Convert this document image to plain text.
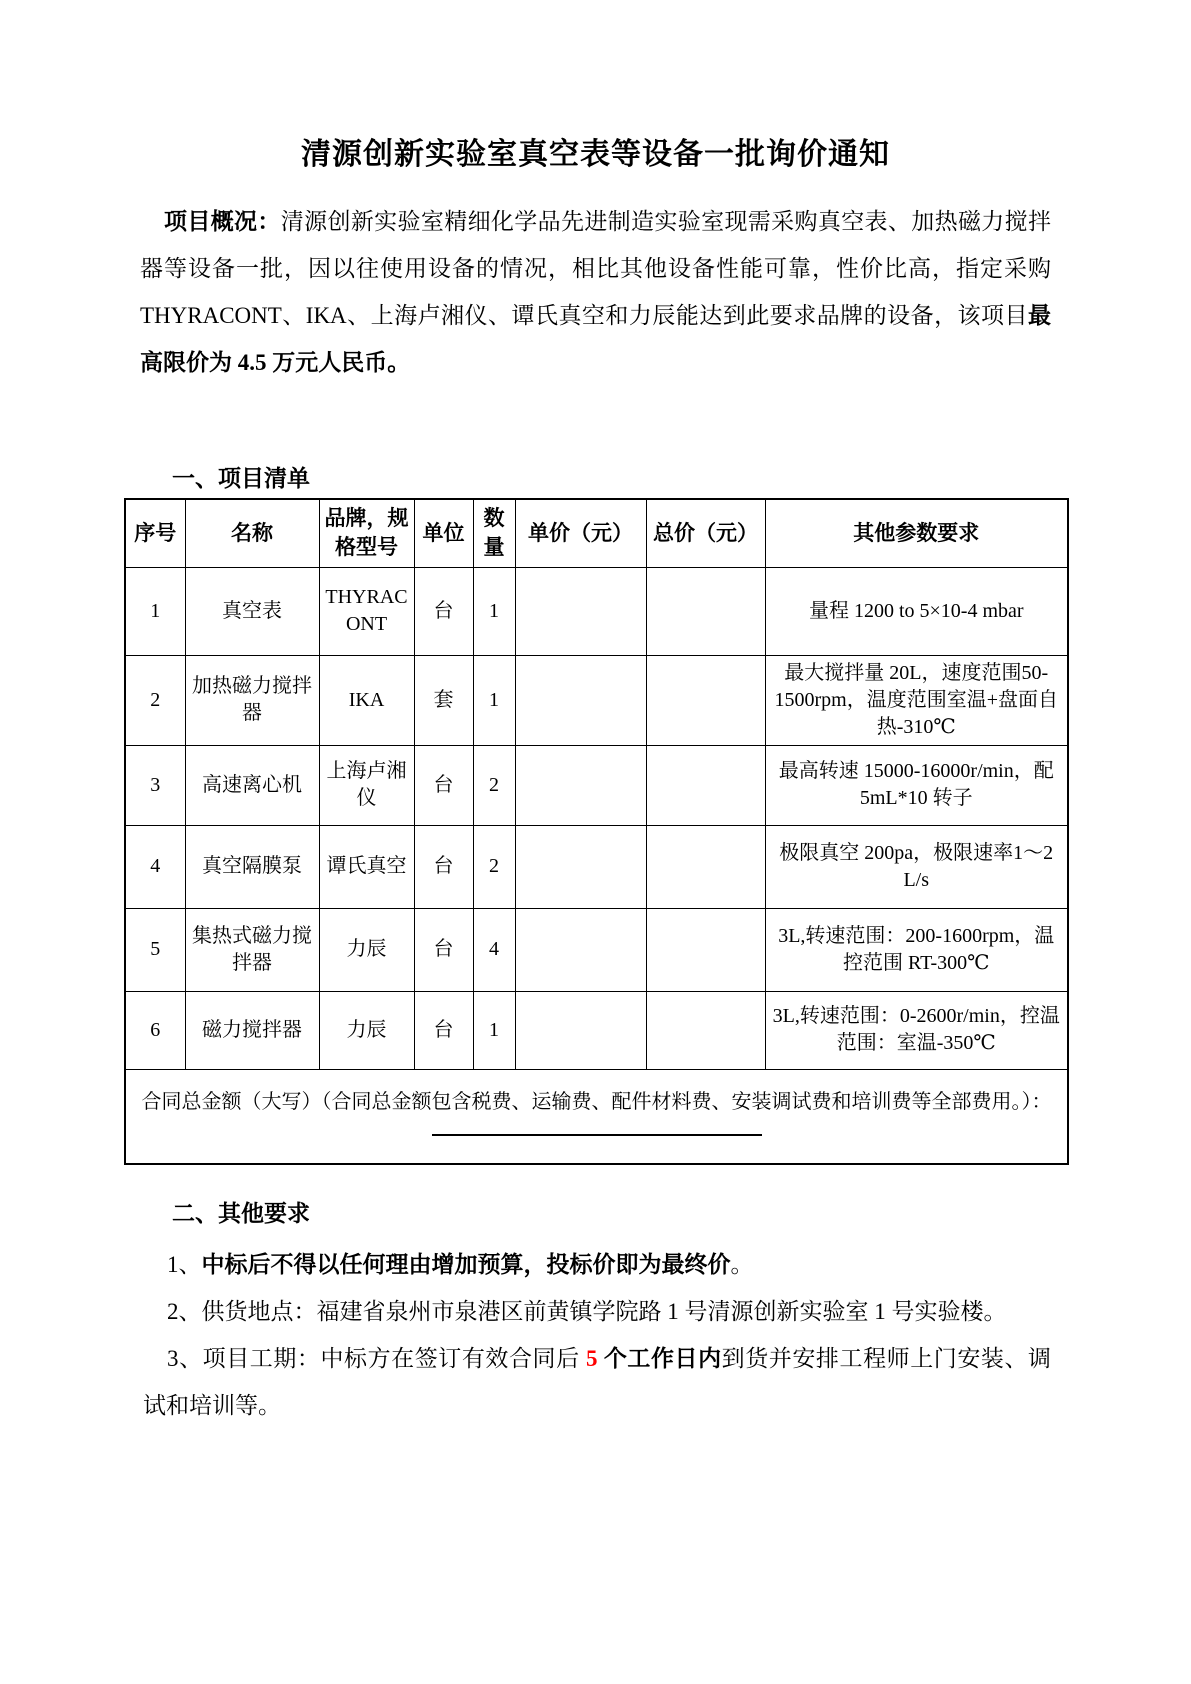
清源创新实验室真空表等设备一批询价通知

项目概况：清源创新实验室精细化学品先进制造实验室现需采购真空表、加热磁力搅拌器等设备一批，因以往使用设备的情况，相比其他设备性能可靠，性价比高，指定采购 THYRACONT、IKA、上海卢湘仪、谭氏真空和力辰能达到此要求品牌的设备，该项目最高限价为 4.5 万元人民币。

一、项目清单
序号	名称	品牌，规格型号	单位	数量	单价（元）	总价（元）	其他参数要求
1	真空表	THYRACONT	台	1			量程 1200 to 5×10-4 mbar
2	加热磁力搅拌器	IKA	套	1			最大搅拌量 20L，速度范围50-1500rpm，温度范围室温+盘面自热-310℃
3	高速离心机	上海卢湘仪	台	2			最高转速 15000-16000r/min，配 5mL*10 转子
4	真空隔膜泵	谭氏真空	台	2			极限真空 200pa，极限速率1～2 L/s
5	集热式磁力搅拌器	力辰	台	4			3L,转速范围：200-1600rpm，温控范围 RT-300℃
6	磁力搅拌器	力辰	台	1			3L,转速范围：0-2600r/min，控温范围：室温-350℃
合同总金额（大写）（合同总金额包含税费、运输费、配件材料费、安装调试费和培训费等全部费用。）：							
二、其他要求

1、中标后不得以任何理由增加预算，投标价即为最终价。

2、供货地点：福建省泉州市泉港区前黄镇学院路 1 号清源创新实验室 1 号实验楼。

3、项目工期：中标方在签订有效合同后 5 个工作日内到货并安排工程师上门安装、调试和培训等。
